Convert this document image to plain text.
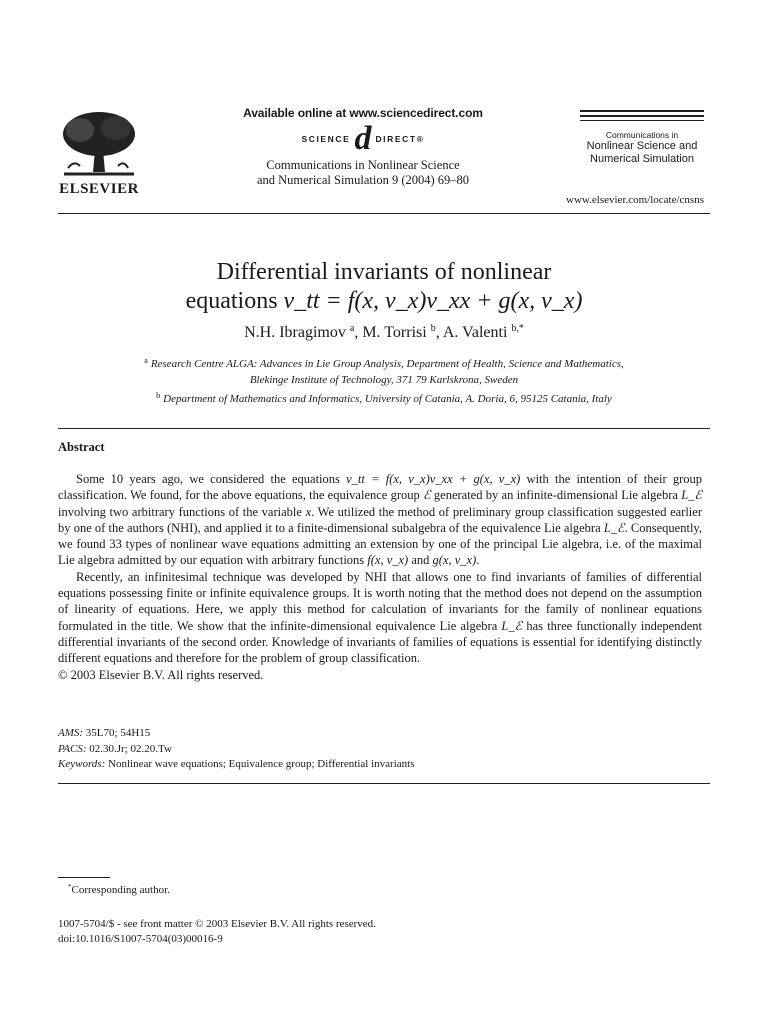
ELSEVIER
Available online at www.sciencedirect.com
SCIENCE d DIRECT®
Communications in Nonlinear Science
and Numerical Simulation 9 (2004) 69–80
Communications in
Nonlinear Science and
Numerical Simulation
www.elsevier.com/locate/cnsns
Differential invariants of nonlinear
equations v_tt = f(x, v_x)v_xx + g(x, v_x)
N.H. Ibragimov $^a$, M. Torrisi $^b$, A. Valenti $^{b,*}$
$^a$ Research Centre ALGA: Advances in Lie Group Analysis, Department of Health, Science and Mathematics,
Blekinge Institute of Technology, 371 79 Karlskrona, Sweden
$^b$ Department of Mathematics and Informatics, University of Catania, A. Doria, 6, 95125 Catania, Italy
Abstract

Some 10 years ago, we considered the equations v_tt = f(x, v_x)v_xx + g(x, v_x) with the intention of their group classification. We found, for the above equations, the equivalence group ℰ generated by an infinite-dimensional Lie algebra L_ℰ involving two arbitrary functions of the variable x. We utilized the method of preliminary group classification suggested earlier by one of the authors (NHI), and applied it to a finite-dimensional subalgebra of the equivalence Lie algebra L_ℰ. Consequently, we found 33 types of nonlinear wave equations admitting an extension by one of the principal Lie algebra, i.e. of the maximal Lie algebra admitted by our equation with arbitrary functions f(x, v_x) and g(x, v_x).

Recently, an infinitesimal technique was developed by NHI that allows one to find invariants of families of differential equations possessing finite or infinite equivalence groups. It is worth noting that the method does not depend on the assumption of linearity of equations. Here, we apply this method for calculation of invariants for the family of nonlinear equations formulated in the title. We show that the infinite-dimensional equivalence Lie algebra L_ℰ has three functionally independent differential invariants of the second order. Knowledge of invariants of families of equations is essential for identifying distinctly different equations and therefore for the problem of group classification.

© 2003 Elsevier B.V. All rights reserved.

AMS: 35L70; 54H15
PACS: 02.30.Jr; 02.20.Tw
Keywords: Nonlinear wave equations; Equivalence group; Differential invariants
*Corresponding author.
1007-5704/$ - see front matter © 2003 Elsevier B.V. All rights reserved.
doi:10.1016/S1007-5704(03)00016-9
